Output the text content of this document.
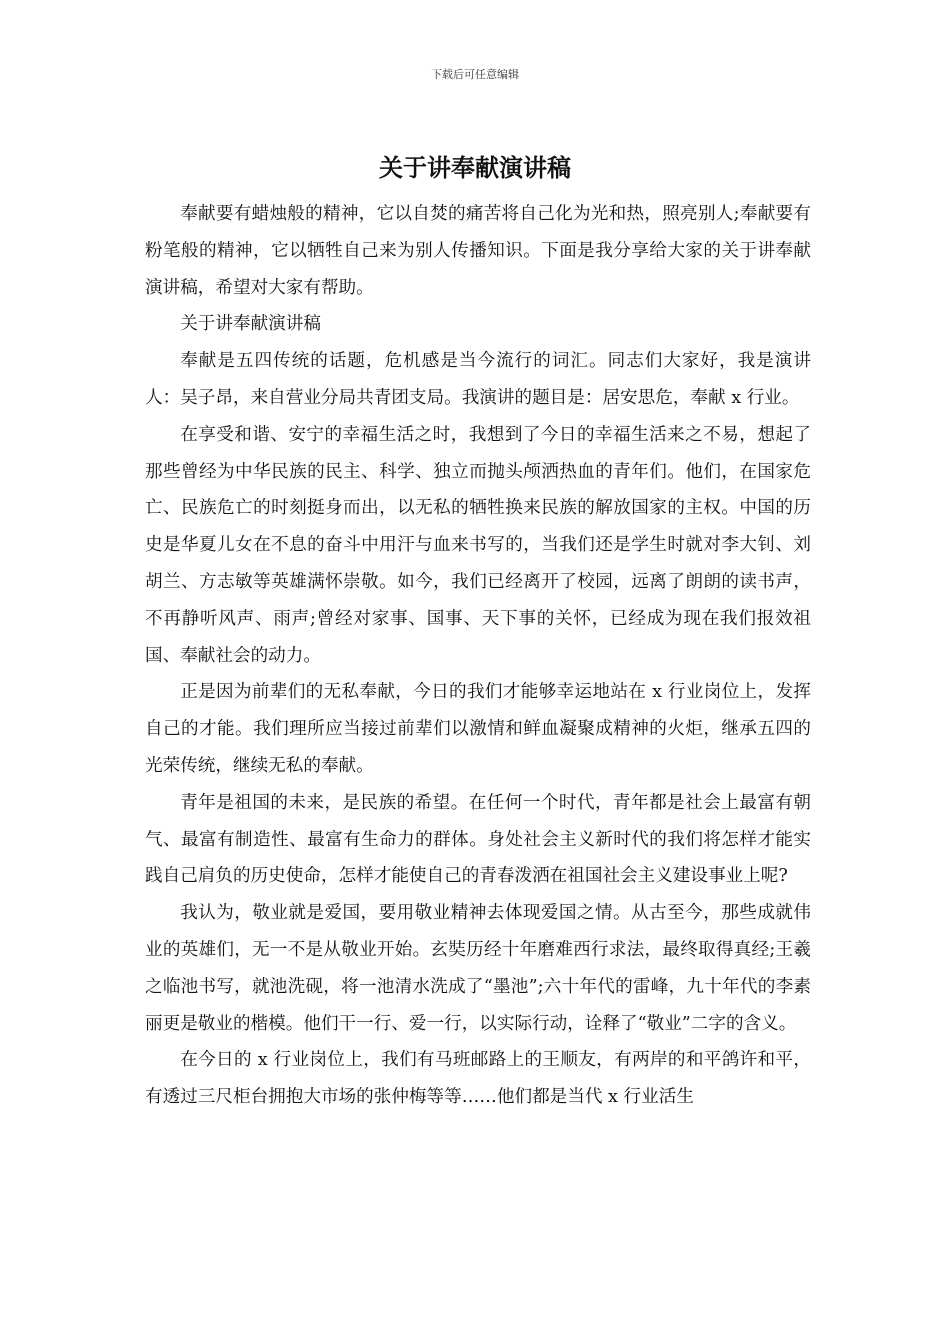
下载后可任意编辑
关于讲奉献演讲稿

奉献要有蜡烛般的精神，它以自焚的痛苦将自己化为光和热，照亮别人;奉献要有粉笔般的精神，它以牺牲自己来为别人传播知识。下面是我分享给大家的关于讲奉献演讲稿，希望对大家有帮助。

关于讲奉献演讲稿

奉献是五四传统的话题，危机感是当今流行的词汇。同志们大家好，我是演讲人：吴子昂，来自营业分局共青团支局。我演讲的题目是：居安思危，奉献 x 行业。

在享受和谐、安宁的幸福生活之时，我想到了今日的幸福生活来之不易，想起了那些曾经为中华民族的民主、科学、独立而抛头颅洒热血的青年们。他们，在国家危亡、民族危亡的时刻挺身而出，以无私的牺牲换来民族的解放国家的主权。中国的历史是华夏儿女在不息的奋斗中用汗与血来书写的，当我们还是学生时就对李大钊、刘胡兰、方志敏等英雄满怀崇敬。如今，我们已经离开了校园，远离了朗朗的读书声，不再静听风声、雨声;曾经对家事、国事、天下事的关怀，已经成为现在我们报效祖国、奉献社会的动力。

正是因为前辈们的无私奉献，今日的我们才能够幸运地站在 x 行业岗位上，发挥自己的才能。我们理所应当接过前辈们以激情和鲜血凝聚成精神的火炬，继承五四的光荣传统，继续无私的奉献。

青年是祖国的未来，是民族的希望。在任何一个时代，青年都是社会上最富有朝气、最富有制造性、最富有生命力的群体。身处社会主义新时代的我们将怎样才能实践自己肩负的历史使命，怎样才能使自己的青春泼洒在祖国社会主义建设事业上呢?

我认为，敬业就是爱国，要用敬业精神去体现爱国之情。从古至今，那些成就伟业的英雄们，无一不是从敬业开始。玄奘历经十年磨难西行求法，最终取得真经;王羲之临池书写，就池洗砚，将一池清水洗成了“墨池”;六十年代的雷峰，九十年代的李素丽更是敬业的楷模。他们干一行、爱一行，以实际行动，诠释了“敬业”二字的含义。

在今日的 x 行业岗位上，我们有马班邮路上的王顺友，有两岸的和平鸽许和平，有透过三尺柜台拥抱大市场的张仲梅等等……他们都是当代 x 行业活生
